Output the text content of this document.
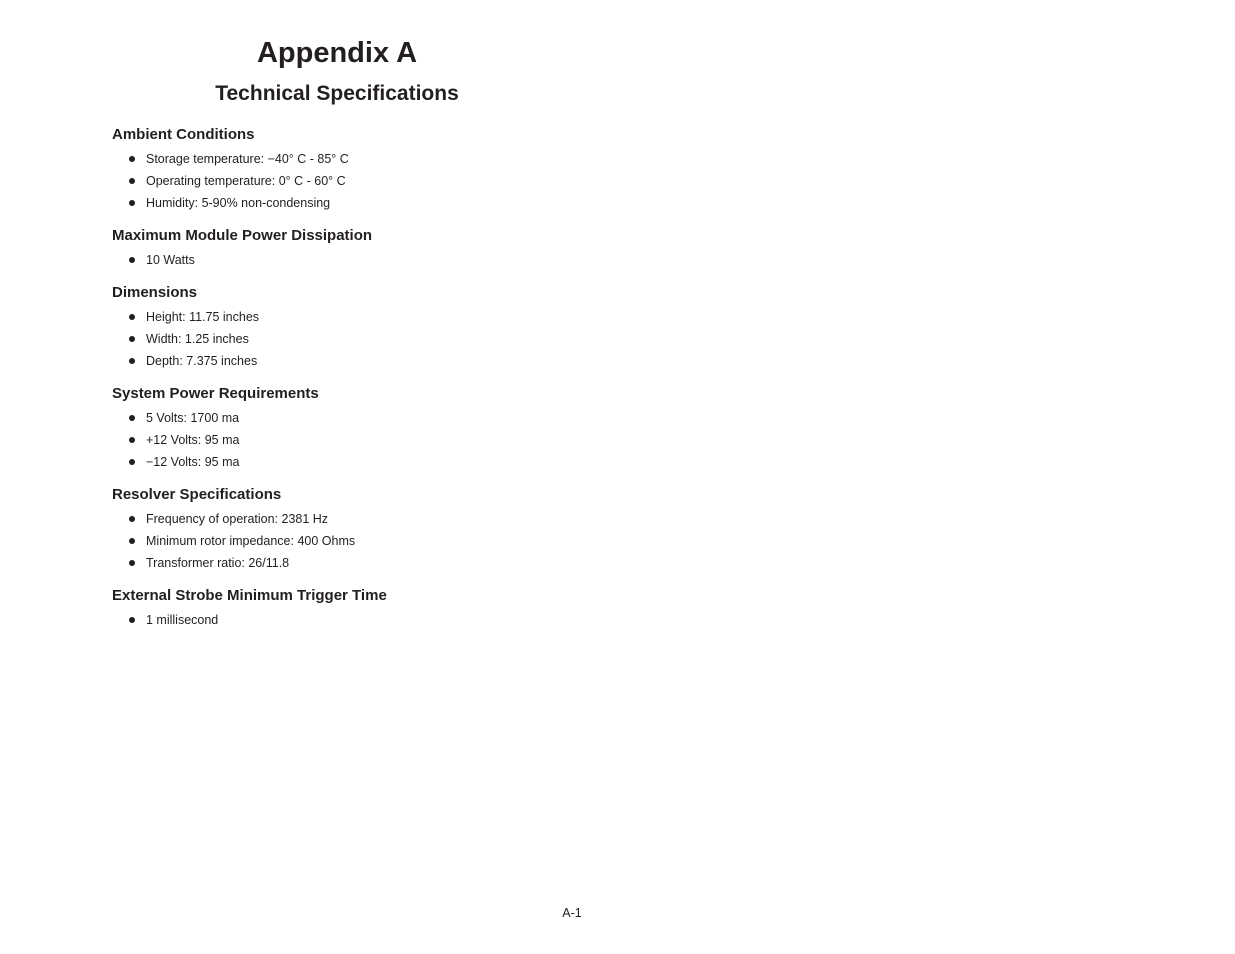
Appendix A
Technical Specifications
Ambient Conditions
Storage temperature: −40° C - 85° C
Operating temperature: 0° C - 60° C
Humidity: 5-90% non-condensing
Maximum Module Power Dissipation
10 Watts
Dimensions
Height: 11.75 inches
Width: 1.25 inches
Depth: 7.375 inches
System Power Requirements
5 Volts: 1700 ma
+12 Volts: 95 ma
−12 Volts: 95 ma
Resolver Specifications
Frequency of operation: 2381 Hz
Minimum rotor impedance: 400 Ohms
Transformer ratio: 26/11.8
External Strobe Minimum Trigger Time
1 millisecond
A-1
